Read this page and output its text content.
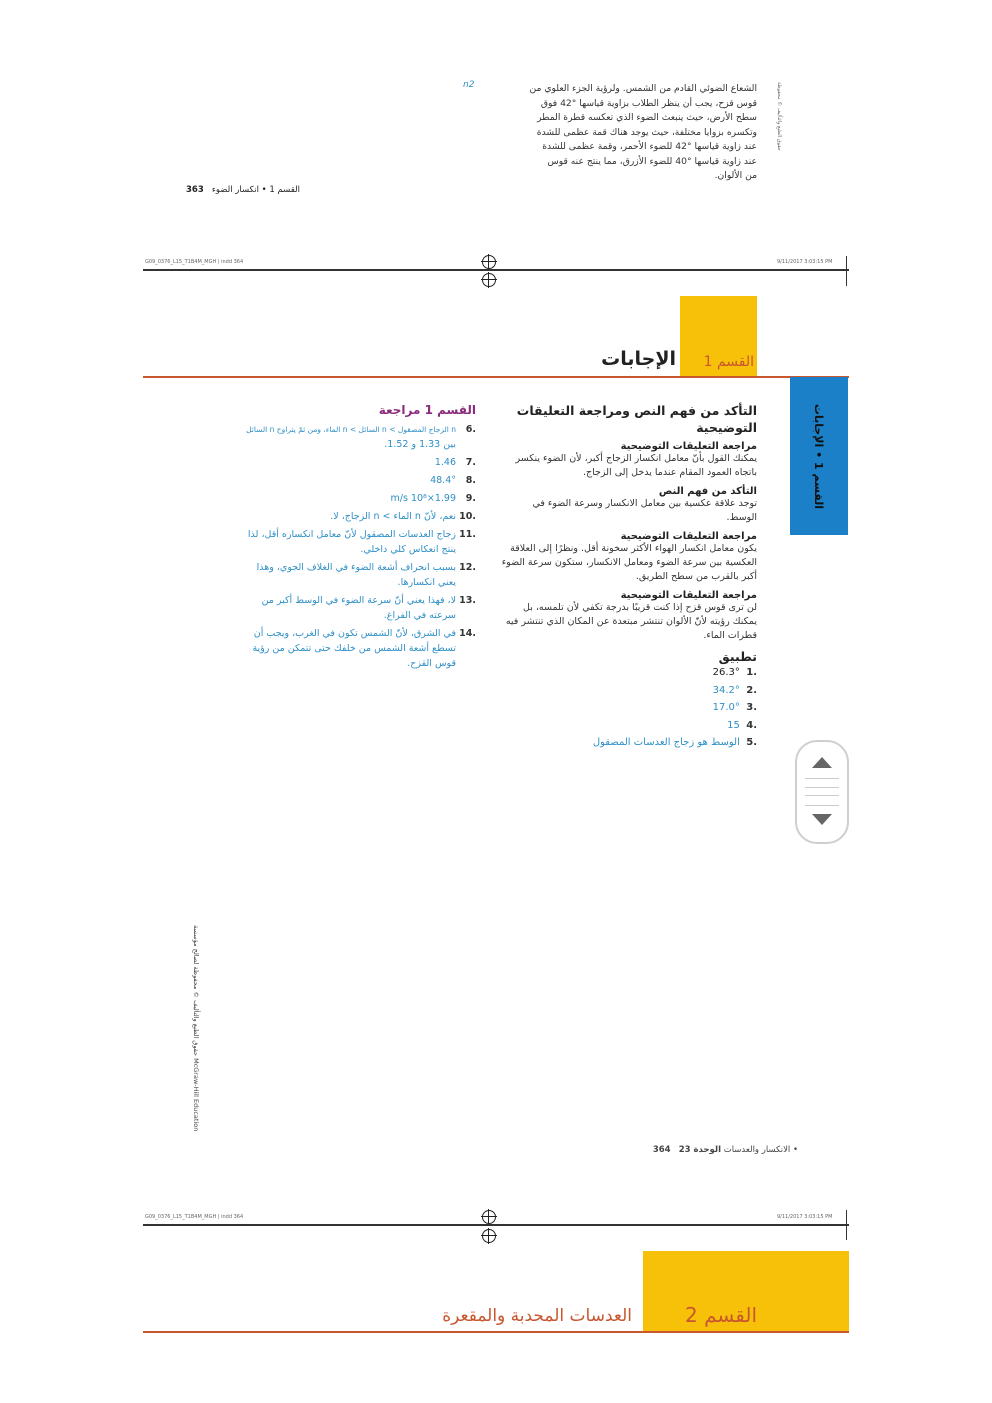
الشعاع الضوئي القادم من الشمس. ولرؤية الجزء العلوي من
قوس قزح، يجب أن ينظر الطلاب بزاوية قياسها °42 فوق
سطح الأرض، حيث ينبعث الضوء الذي تعكسه قطرة المطر
وتكسره بزوايا مختلفة، حيث يوجد هناك قمة عظمى للشدة
عند زاوية قياسها °42 للضوء الأحمر، وقمة عظمى للشدة
عند زاوية قياسها °40 للضوء الأزرق، مما ينتج عنه قوس
من الألوان.
n2	حقوق الطبع والتأليف © محفوظة
القسم 1 • انكسار الضوء   363
G09_0376_L15_T1B4M_MGH | indd 364	9/11/2017 3:03:15 PM
القسم 1
الإجابات
القسم 1 • الإجابات
التأكد من فهم النص ومراجعة التعليقات التوضيحية
مراجعة التعليقات التوضيحية
يمكنك القول بأنّ معامل انكسار الزجاج أكبر، لأن الضوء ينكسر باتجاه العمود المقام عندما يدخل إلى الزجاج.
التأكد من فهم النص
توجد علاقة عكسية بين معامل الانكسار وسرعة الضوء في الوسط.
مراجعة التعليقات التوضيحية
يكون معامل انكسار الهواء الأكثر سخونة أقل. ونظرًا إلى العلاقة العكسية بين سرعة الضوء ومعامل الانكسار، ستكون سرعة الضوء أكبر بالقرب من سطح الطريق.
مراجعة التعليقات التوضيحية
لن ترى قوس قزح إذا كنت قريبًا بدرجة تكفي لأن تلمسه، بل يمكنك رؤيته لأنّ الألوان تنتشر مبتعدة عن المكان الذي تنتشر فيه قطرات الماء.
تطبيق
.1  26.3°
.2  34.2°
.3  17.0°
.4  15
.5  الوسط هو زجاج العدسات المصقول
القسم 1 مراجعة
.6
n الزجاج المصقول > n السائل > n الماء، ومن ثمّ يتراوح n السائل
بين 1.33 و 1.52.
.7
1.46
.8
48.4°
.9
1.99×10⁸ m/s
.10
نعم، لأنّ n الماء > n الزجاج، لا.
.11
زجاج العدسات المصقول لأنّ معامل انكساره أقل، لذا
ينتج انعكاس كلي داخلي.
.12
بسبب انحراف أشعة الضوء في الغلاف الجوي، وهذا
يعني انكسارها.
.13
لا، فهذا يعني أنّ سرعة الضوء في الوسط أكبر من
سرعته في الفراغ.
.14
في الشرق، لأنّ الشمس تكون في الغرب، ويجب أن
تسطع أشعة الشمس من خلفك حتى تتمكن من رؤية
قوس القزح.
حقوق الطبع والتأليف © محفوظة لصالح مؤسسة McGraw-Hill Education
• الانكسار والعدسات الوحدة 23   364
G09_0376_L15_T1B4M_MGH | indd 364	9/11/2017 3:03:15 PM
القسم 2
العدسات المحدبة والمقعرة
